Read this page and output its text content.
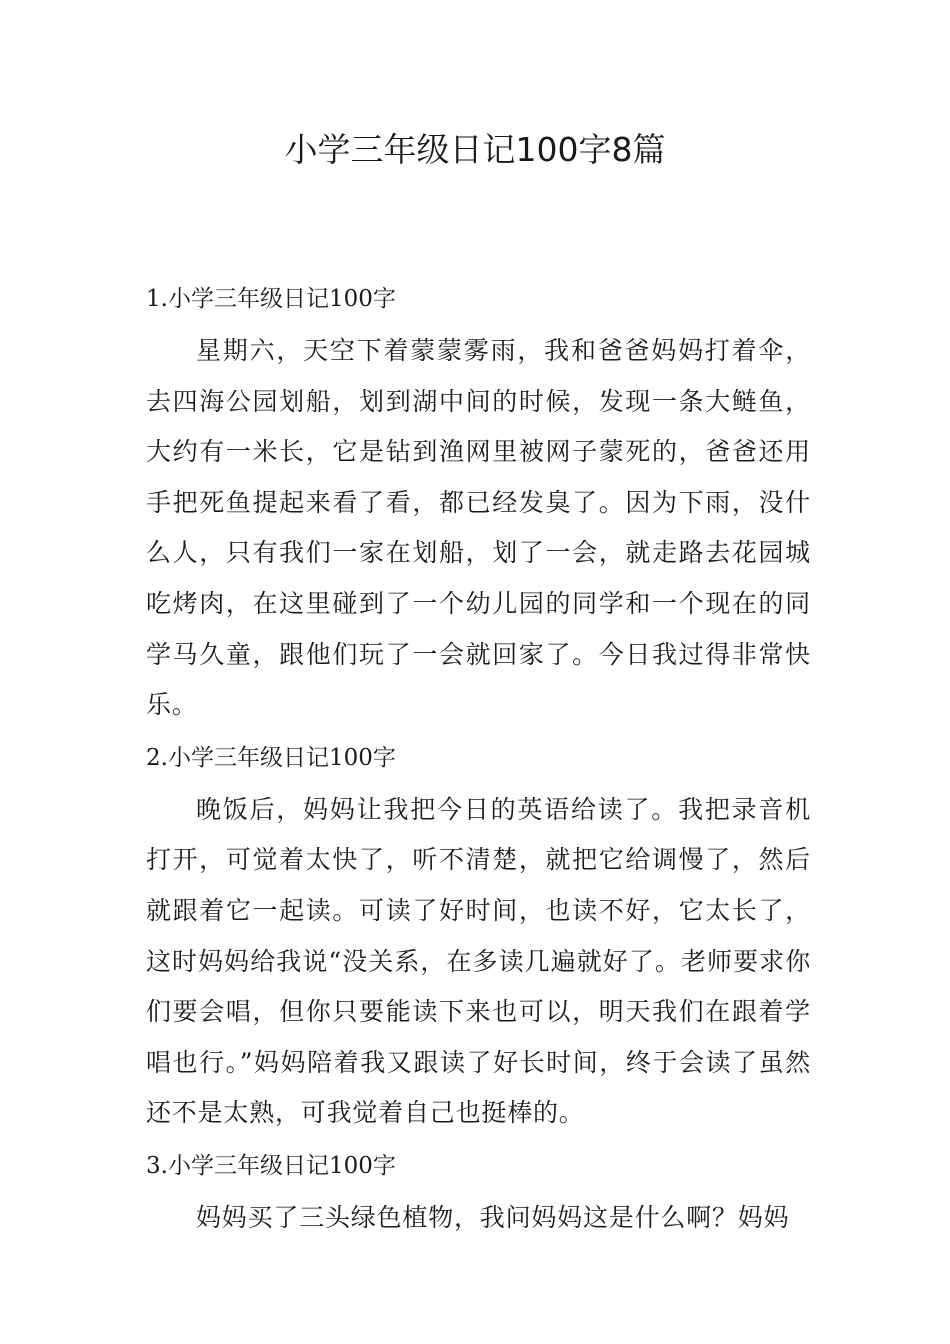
小学三年级日记100字8篇

1.小学三年级日记100字

星期六，天空下着蒙蒙雾雨，我和爸爸妈妈打着伞，去四海公园划船，划到湖中间的时候，发现一条大鲢鱼，大约有一米长，它是钻到渔网里被网子蒙死的，爸爸还用手把死鱼提起来看了看，都已经发臭了。因为下雨，没什么人，只有我们一家在划船，划了一会，就走路去花园城吃烤肉，在这里碰到了一个幼儿园的同学和一个现在的同学马久童，跟他们玩了一会就回家了。今日我过得非常快乐。

2.小学三年级日记100字

晚饭后，妈妈让我把今日的英语给读了。我把录音机打开，可觉着太快了，听不清楚，就把它给调慢了，然后就跟着它一起读。可读了好时间，也读不好，它太长了，这时妈妈给我说“没关系，在多读几遍就好了。老师要求你们要会唱，但你只要能读下来也可以，明天我们在跟着学唱也行。”妈妈陪着我又跟读了好长时间，终于会读了虽然还不是太熟，可我觉着自己也挺棒的。

3.小学三年级日记100字

妈妈买了三头绿色植物，我问妈妈这是什么啊？妈妈
